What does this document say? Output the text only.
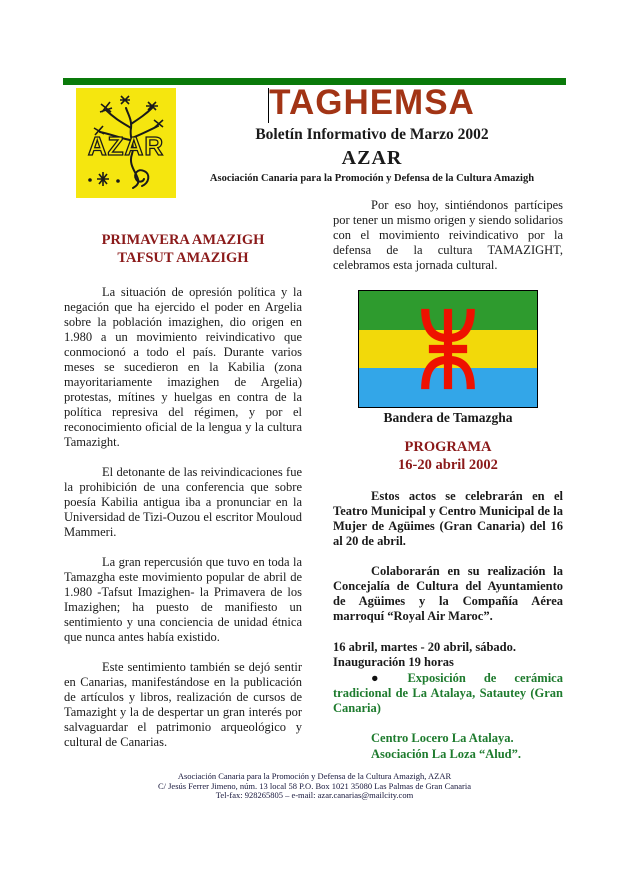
AZAR
TAGHEMSA
Boletín Informativo de Marzo 2002
AZAR
Asociación Canaria para la Promoción y Defensa de la Cultura Amazigh
PRIMAVERA AMAZIGH
TAFSUT AMAZIGH

La situación de opresión política y la negación que ha ejercido el poder en Argelia sobre la población imazighen, dio origen en 1.980 a un movimiento reivindicativo que conmocionó a todo el país. Durante varios meses se sucedieron en la Kabilia (zona mayoritariamente imazighen de Argelia) protestas, mítines y huelgas en contra de la política represiva del régimen, y por el reconocimiento oficial de la lengua y la cultura Tamazight.

El detonante de las reivindicaciones fue la prohibición de una conferencia que sobre poesía Kabilia antigua iba a pronunciar en la Universidad de Tizi-Ouzou el escritor Mouloud Mammeri.

La gran repercusión que tuvo en toda la Tamazgha este movimiento popular de abril de 1.980 -Tafsut Imazighen- la Primavera de los Imazighen; ha puesto de manifiesto un sentimiento y una conciencia de unidad étnica que nunca antes había existido.

Este sentimiento también se dejó sentir en Canarias, manifestándose en la publicación de artículos y libros, realización de cursos de Tamazight y la de despertar un gran interés por salvaguardar el patrimonio arqueológico y cultural de Canarias.

Por eso hoy, sintiéndonos partícipes por tener un mismo origen y siendo solidarios con el movimiento reivindicativo por la defensa de la cultura TAMAZIGHT, celebramos esta jornada cultural.

Bandera de Tamazgha
PROGRAMA
16-20 abril 2002

Estos actos se celebrarán en el Teatro Municipal y Centro Municipal de la Mujer de Agüimes (Gran Canaria) del 16 al 20 de abril.

Colaborarán en su realización la Concejalía de Cultura del Ayuntamiento de Agüimes y la Compañía Aérea marroquí “Royal Air Maroc”.

16 abril, martes - 20 abril, sábado.
Inauguración 19 horas

● Exposición de cerámica tradicional de La Atalaya, Satautey (Gran Canaria)

Centro Locero La Atalaya.

Asociación La Loza “Alud”.

Asociación Canaria para la Promoción y Defensa de la Cultura Amazigh, AZAR
C/ Jesús Ferrer Jimeno, núm. 13 local 58 P.O. Box 1021 35080 Las Palmas de Gran Canaria
Tel-fax: 928265805 – e-mail: azar.canarias@mailcity.com
